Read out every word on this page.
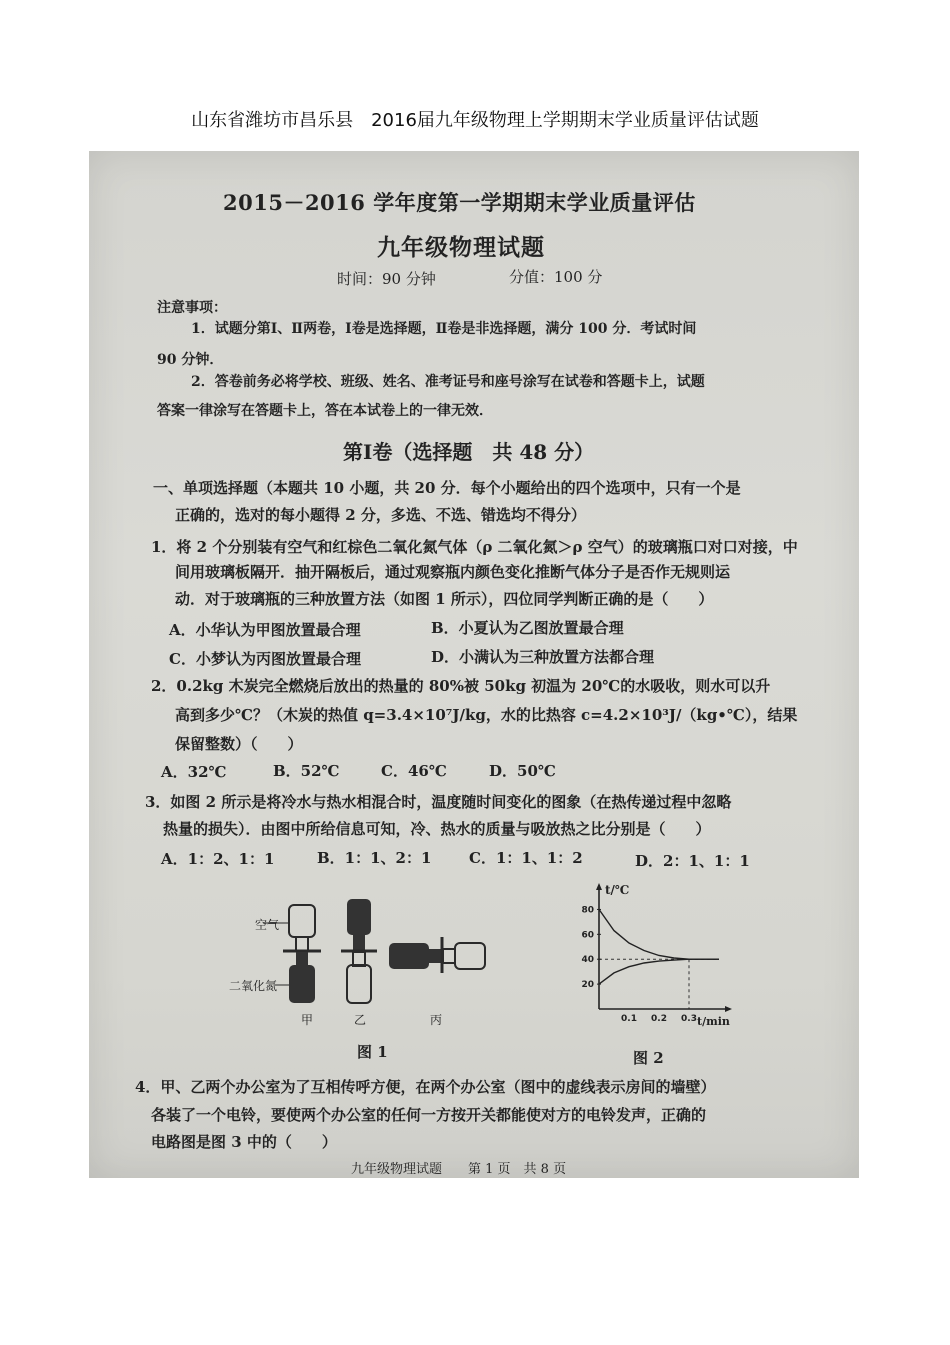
山东省潍坊市昌乐县　2016届九年级物理上学期期末学业质量评估试题
2015－2016 学年度第一学期期末学业质量评估
九年级物理试题
时间：90 分钟	分值：100 分
注意事项：
1．试题分第Ⅰ、Ⅱ两卷，Ⅰ卷是选择题，Ⅱ卷是非选择题，满分 100 分．考试时间
90 分钟．
2．答卷前务必将学校、班级、姓名、准考证号和座号涂写在试卷和答题卡上，试题
答案一律涂写在答题卡上，答在本试卷上的一律无效．
第Ⅰ卷（选择题　共 48 分）
一、单项选择题（本题共 10 小题，共 20 分．每个小题给出的四个选项中，只有一个是
正确的，选对的每小题得 2 分，多选、不选、错选均不得分）
1．将 2 个分别装有空气和红棕色二氧化氮气体（ρ 二氧化氮＞ρ 空气）的玻璃瓶口对口对接，中
间用玻璃板隔开．抽开隔板后，通过观察瓶内颜色变化推断气体分子是否作无规则运
动．对于玻璃瓶的三种放置方法（如图 1 所示），四位同学判断正确的是（　　）
A．小华认为甲图放置最合理	B．小夏认为乙图放置最合理
C．小梦认为丙图放置最合理	D．小满认为三种放置方法都合理
2．0.2kg 木炭完全燃烧后放出的热量的 80%被 50kg 初温为 20℃的水吸收，则水可以升
高到多少℃？（木炭的热值 q=3.4×10⁷J/kg，水的比热容 c=4.2×10³J/（kg•℃），结果
保留整数）（　　）
A．32℃	B．52℃	C．46℃	D．50℃
3．如图 2 所示是将冷水与热水相混合时，温度随时间变化的图象（在热传递过程中忽略
热量的损失）．由图中所给信息可知，冷、热水的质量与吸放热之比分别是（　　）
A．1：2、1：1	B．1：1、2：1	C．1：1、1：2	D．2：1、1：1
空气
二氧化氮
甲	乙	丙
图 1
80
60
40
20
0.1 0.2 0.3
t/℃
t/min
图 2
4．甲、乙两个办公室为了互相传呼方便，在两个办公室（图中的虚线表示房间的墙壁）
各装了一个电铃，要使两个办公室的任何一方按开关都能使对方的电铃发声，正确的
电路图是图 3 中的（　　）
九年级物理试题　　第 1 页　共 8 页
